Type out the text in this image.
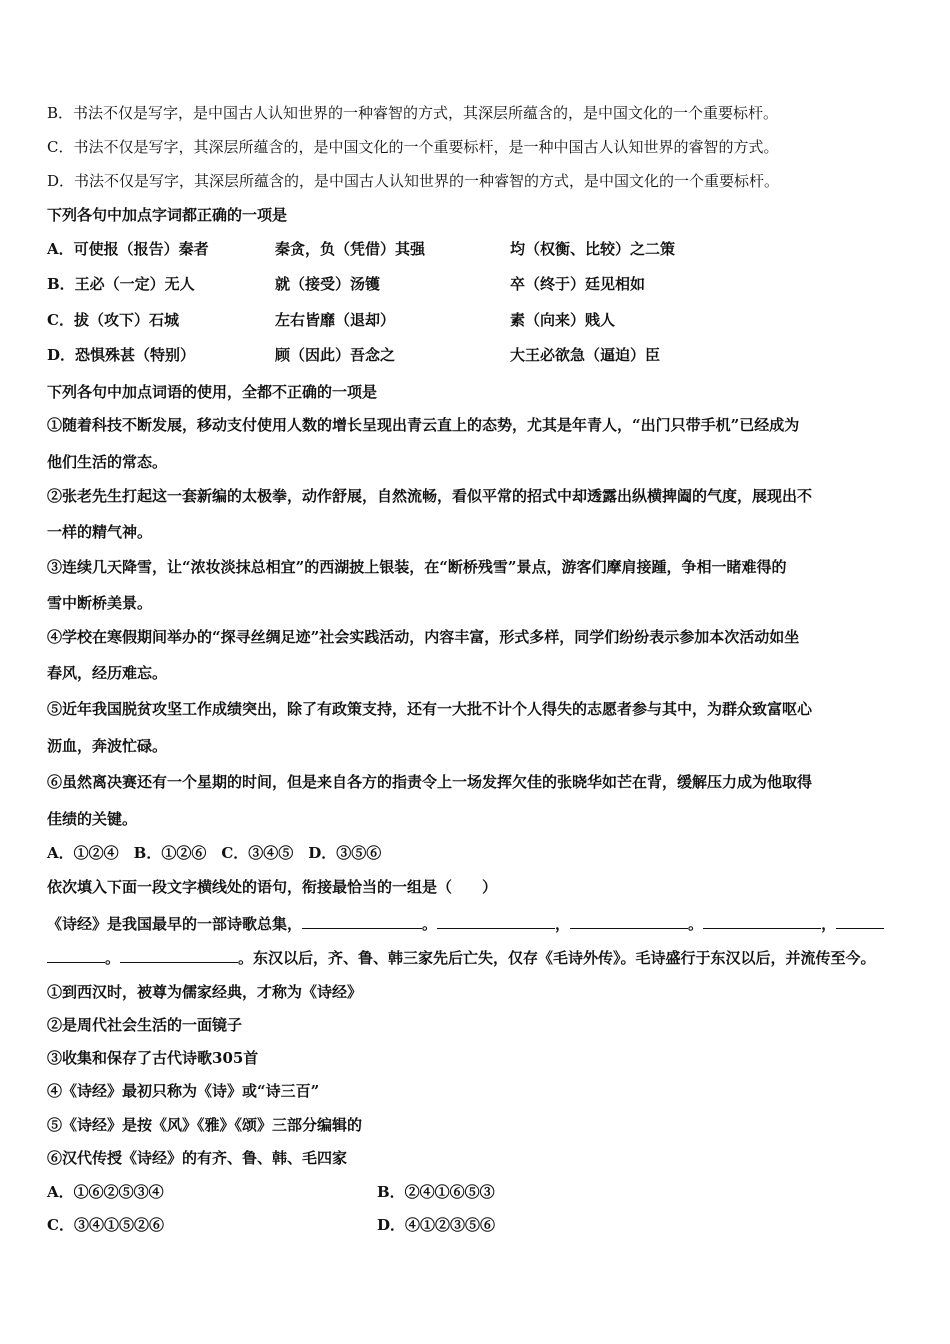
B．书法不仅是写字，是中国古人认知世界的一种睿智的方式，其深层所蕴含的，是中国文化的一个重要标杆。
C．书法不仅是写字，其深层所蕴含的，是中国文化的一个重要标杆，是一种中国古人认知世界的睿智的方式。
D．书法不仅是写字，其深层所蕴含的，是中国古人认知世界的一种睿智的方式，是中国文化的一个重要标杆。
下列各句中加点字词都正确的一项是
A．可使报（报告）秦者	秦贪，负（凭借）其强	均（权衡、比较）之二策
B．王必（一定）无人	就（接受）汤镬	卒（终于）廷见相如
C．拔（攻下）石城	左右皆靡（退却）	素（向来）贱人
D．恐惧殊甚（特别）	顾（因此）吾念之	大王必欲急（逼迫）臣
下列各句中加点词语的使用，全都不正确的一项是
①随着科技不断发展，移动支付使用人数的增长呈现出青云直上的态势，尤其是年青人，“出门只带手机”已经成为
他们生活的常态。
②张老先生打起这一套新编的太极拳，动作舒展，自然流畅，看似平常的招式中却透露出纵横捭阖的气度，展现出不
一样的精气神。
③连续几天降雪，让“浓妆淡抹总相宜”的西湖披上银装，在“断桥残雪”景点，游客们摩肩接踵，争相一睹难得的
雪中断桥美景。
④学校在寒假期间举办的“探寻丝绸足迹”社会实践活动，内容丰富，形式多样，同学们纷纷表示参加本次活动如坐
春风，经历难忘。
⑤近年我国脱贫攻坚工作成绩突出，除了有政策支持，还有一大批不计个人得失的志愿者参与其中，为群众致富呕心
沥血，奔波忙碌。
⑥虽然离决赛还有一个星期的时间，但是来自各方的指责令上一场发挥欠佳的张晓华如芒在背，缓解压力成为他取得
佳绩的关键。
A．①②④　B．①②⑥　C．③④⑤　D．③⑤⑥
依次填入下面一段文字横线处的语句，衔接最恰当的一组是（　　）
《诗经》是我国最早的一部诗歌总集，	。	，	。	，
。	。东汉以后，齐、鲁、韩三家先后亡失，仅存《毛诗外传》。毛诗盛行于东汉以后，并流传至今。
①到西汉时，被尊为儒家经典，才称为《诗经》
②是周代社会生活的一面镜子
③收集和保存了古代诗歌305首
④《诗经》最初只称为《诗》或“诗三百”
⑤《诗经》是按《风》《雅》《颂》三部分编辑的
⑥汉代传授《诗经》的有齐、鲁、韩、毛四家
A．①⑥②⑤③④	B．②④①⑥⑤③
C．③④①⑤②⑥	D．④①②③⑤⑥
